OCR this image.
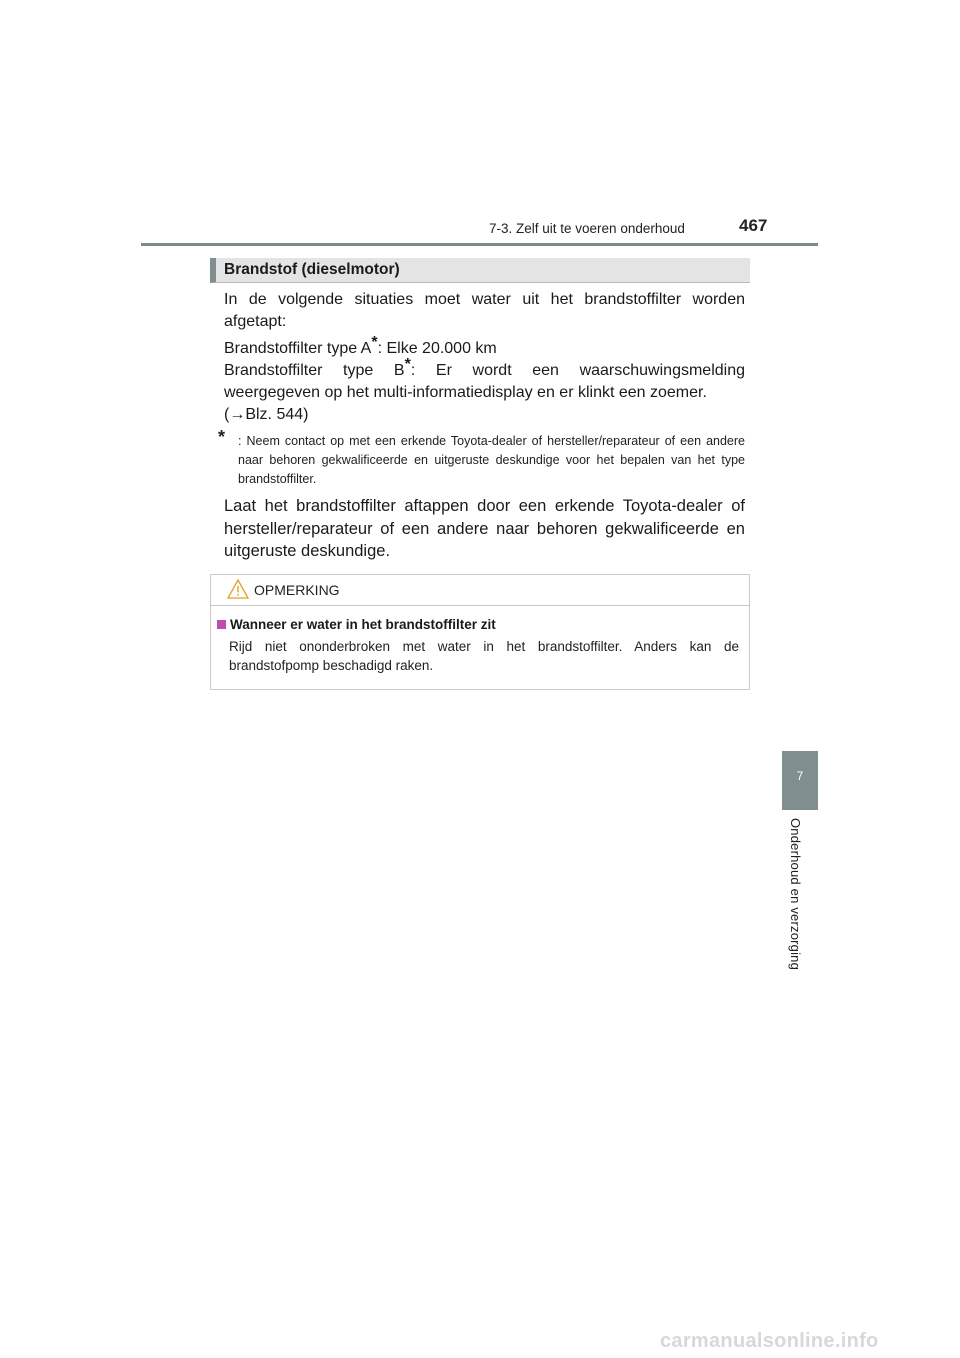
7-3. Zelf uit te voeren onderhoud	467
Brandstof (dieselmotor)
In de volgende situaties moet water uit het brandstoffilter worden afgetapt:
Brandstoffilter type A*: Elke 20.000 km
Brandstoffilter type B*: Er wordt een waarschuwingsmelding weergegeven op het multi-informatiedisplay en er klinkt een zoemer.
(→Blz. 544)
*	: Neem contact op met een erkende Toyota-dealer of hersteller/reparateur of een andere naar behoren gekwalificeerde en uitgeruste deskundige voor het bepalen van het type brandstoffilter.
Laat het brandstoffilter aftappen door een erkende Toyota-dealer of hersteller/reparateur of een andere naar behoren gekwalificeerde en uitgeruste deskundige.
OPMERKING
Wanneer er water in het brandstoffilter zit
Rijd niet ononderbroken met water in het brandstoffilter. Anders kan de brandstofpomp beschadigd raken.
7
Onderhoud en verzorging
carmanualsonline.info
